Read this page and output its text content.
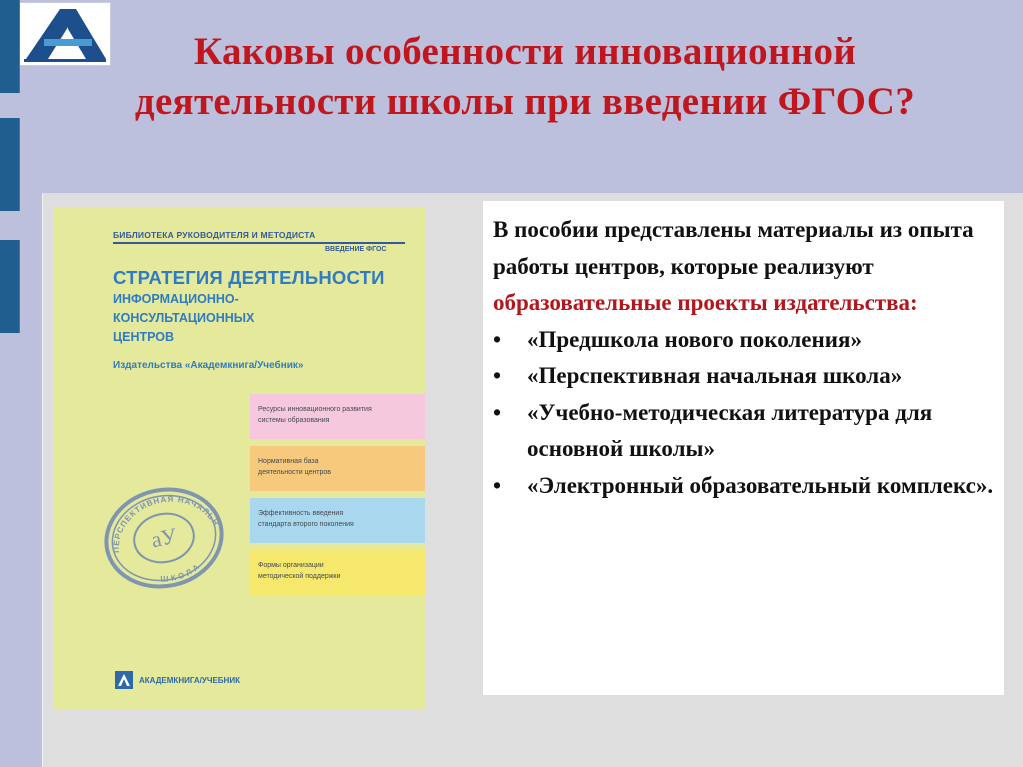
Каковы особенности инновационной
деятельности школы при введении ФГОС?
БИБЛИОТЕКА РУКОВОДИТЕЛЯ И МЕТОДИСТА
ВВЕДЕНИЕ ФГОС
СТРАТЕГИЯ ДЕЯТЕЛЬНОСТИ
ИНФОРМАЦИОННО-
КОНСУЛЬТАЦИОННЫХ
ЦЕНТРОВ
Издательства «Академкнига/Учебник»
Ресурсы инновационного развития
системы образования
Нормативная база
деятельности центров
Эффективность введения
стандарта второго поколения
Формы организации
методической поддержки
ПЕРСПЕКТИВНАЯ НАЧАЛЬНАЯ
ШКОЛА
аУ
АКАДЕМКНИГА/УЧЕБНИК

В пособии представлены материалы из опыта работы центров, которые реализуют образовательные проекты издательства:

• «Предшкола нового поколения»
• «Перспективная начальная школа»
• «Учебно-методическая литература для основной школы»
• «Электронный образовательный комплекс».
